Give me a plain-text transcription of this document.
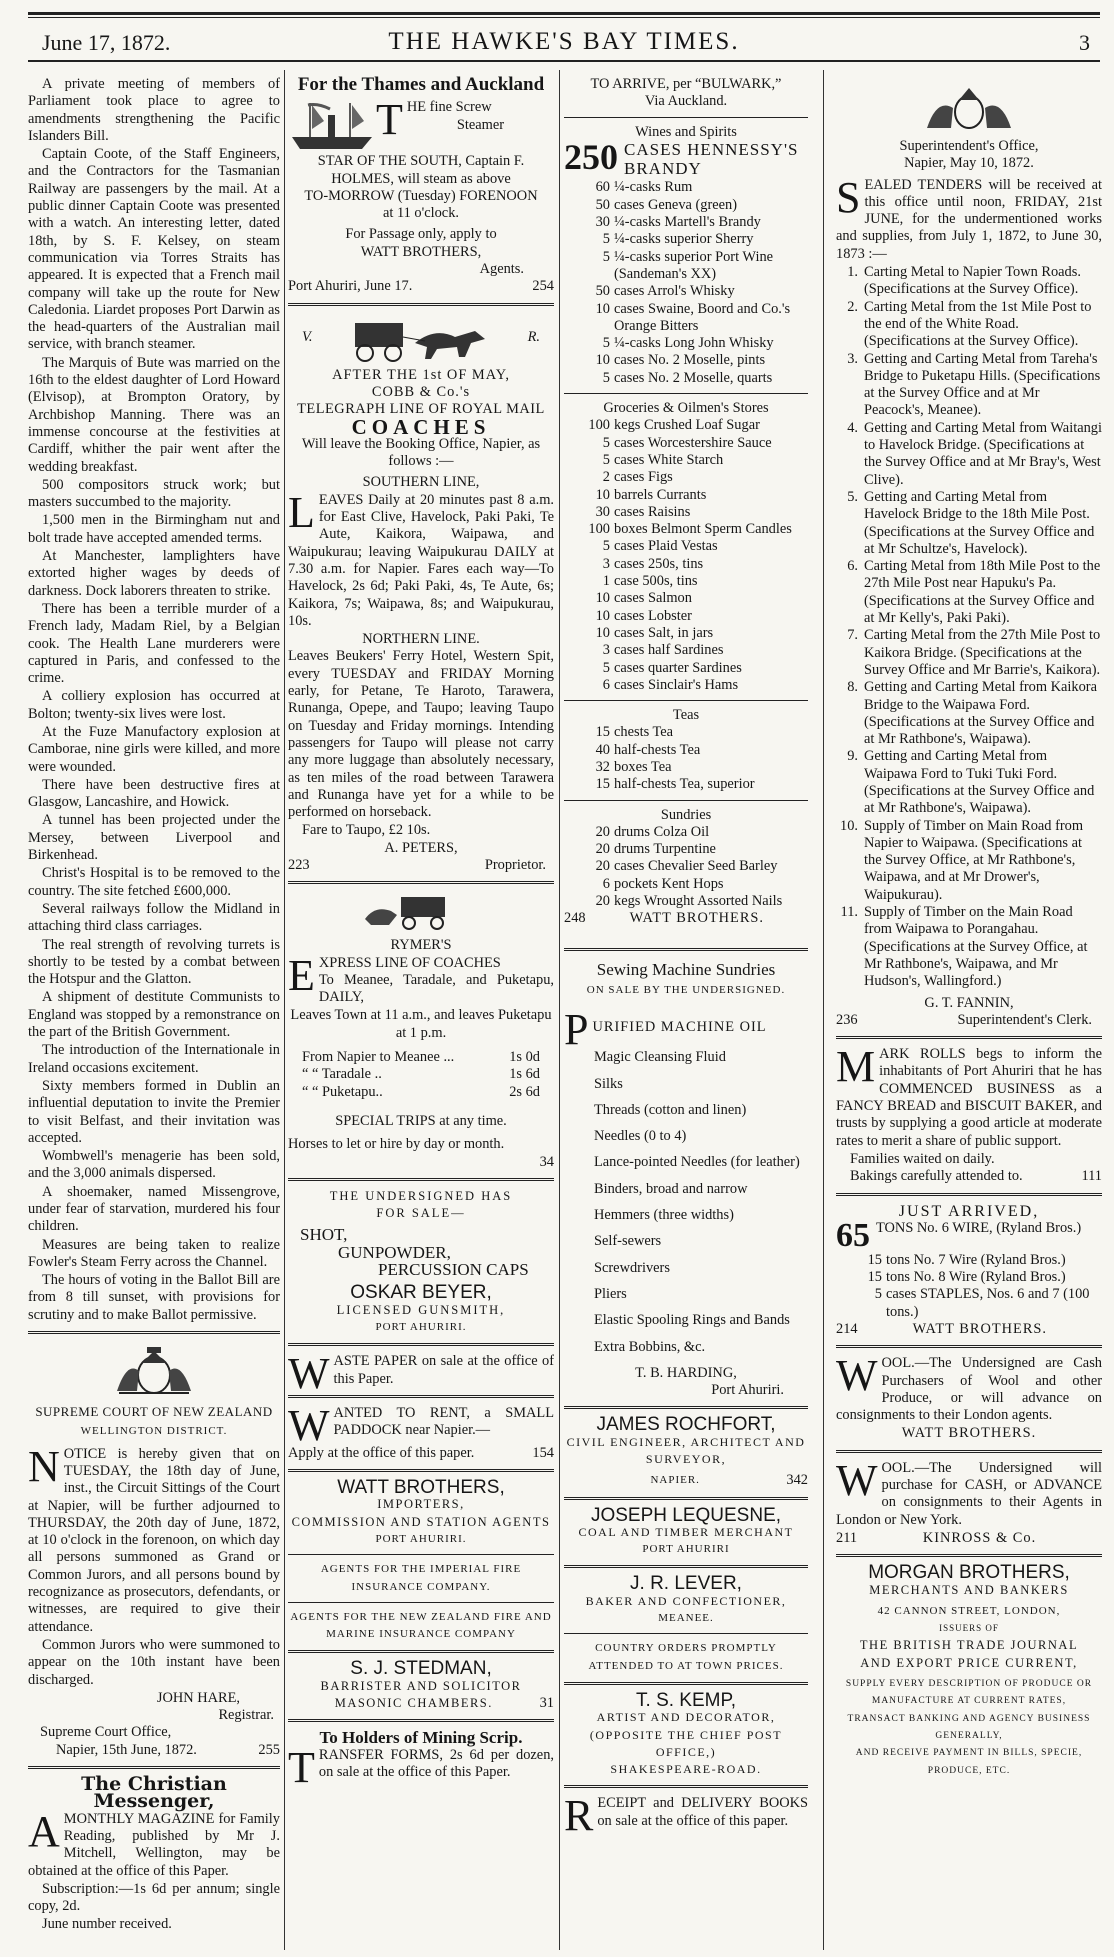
June 17, 1872.	THE HAWKE'S BAY TIMES.	3

A private meeting of members of Parliament took place to agree to amendments strengthening the Pacific Islanders Bill.

Captain Coote, of the Staff Engineers, and the Contractors for the Tasmanian Railway are passengers by the mail. At a public dinner Captain Coote was presented with a watch. An interesting letter, dated 18th, by S. F. Kelsey, on steam communication via Torres Straits has appeared. It is expected that a French mail company will take up the route for New Caledonia. Liardet proposes Port Darwin as the head-quarters of the Australian mail service, with branch steamer.

The Marquis of Bute was married on the 16th to the eldest daughter of Lord Howard (Elvisop), at Brompton Oratory, by Archbishop Manning. There was an immense concourse at the festivities at Cardiff, whither the pair went after the wedding breakfast.

500 compositors struck work; but masters succumbed to the majority.

1,500 men in the Birmingham nut and bolt trade have accepted amended terms.

At Manchester, lamplighters have extorted higher wages by deeds of darkness. Dock laborers threaten to strike.

There has been a terrible murder of a French lady, Madam Riel, by a Belgian cook. The Health Lane murderers were captured in Paris, and confessed to the crime.

A colliery explosion has occurred at Bolton; twenty-six lives were lost.

At the Fuze Manufactory explosion at Camborae, nine girls were killed, and more were wounded.

There have been destructive fires at Glasgow, Lancashire, and Howick.

A tunnel has been projected under the Mersey, between Liverpool and Birkenhead.

Christ's Hospital is to be removed to the country. The site fetched £600,000.

Several railways follow the Midland in attaching third class carriages.

The real strength of revolving turrets is shortly to be tested by a combat between the Hotspur and the Glatton.

A shipment of destitute Communists to England was stopped by a remonstrance on the part of the British Government.

The introduction of the Internationale in Ireland occasions excitement.

Sixty members formed in Dublin an influential deputation to invite the Premier to visit Belfast, and their invitation was accepted.

Wombwell's menagerie has been sold, and the 3,000 animals dispersed.

A shoemaker, named Missengrove, under fear of starvation, murdered his four children.

Measures are being taken to realize Fowler's Steam Ferry across the Channel.

The hours of voting in the Ballot Bill are from 8 till sunset, with provisions for scrutiny and to make Ballot permissive.

SUPREME COURT OF NEW ZEALAND
WELLINGTON DISTRICT.

NOTICE is hereby given that on TUESDAY, the 18th day of June, inst., the Circuit Sittings of the Court at Napier, will be further adjourned to THURSDAY, the 20th day of June, 1872, at 10 o'clock in the forenoon, on which day all persons summoned as Grand or Common Jurors, and all persons bound by recognizance as prosecutors, defendants, or witnesses, are required to give their attendance.

Common Jurors who were summoned to appear on the 10th instant have been discharged.

JOHN HARE,
Registrar.
Supreme Court Office,
Napier, 15th June, 1872.	255
The Christian Messenger,

AMONTHLY MAGAZINE for Family Reading, published by Mr J. Mitchell, Wellington, may be obtained at the office of this Paper.

Subscription:—1s 6d per annum; single copy, 2d.

June number received.

For the Thames and Auckland
T HE fine Screw
Steamer
STAR OF THE SOUTH, Captain F.
HOLMES, will steam as above
TO-MORROW (Tuesday) FORENOON
at 11 o'clock.
For Passage only, apply to
WATT BROTHERS,
Agents.
Port Ahuriri, June 17.	254
V.	R.
AFTER THE 1st OF MAY,
COBB & Co.'s
TELEGRAPH LINE OF ROYAL MAIL
COACHES
Will leave the Booking Office, Napier, as follows :—
SOUTHERN LINE,

LEAVES Daily at 20 minutes past 8 a.m. for East Clive, Havelock, Paki Paki, Te Aute, Kaikora, Waipawa, and Waipukurau; leaving Waipukurau DAILY at 7.30 a.m. for Napier. Fares each way—To Havelock, 2s 6d; Paki Paki, 4s, Te Aute, 6s; Kaikora, 7s; Waipawa, 8s; and Waipukurau, 10s.

NORTHERN LINE.

Leaves Beukers' Ferry Hotel, Western Spit, every TUESDAY and FRIDAY Morning early, for Petane, Te Haroto, Tarawera, Runanga, Opepe, and Taupo; leaving Taupo on Tuesday and Friday mornings. Intending passengers for Taupo will please not carry any more luggage than absolutely necessary, as ten miles of the road between Tarawera and Runanga have yet for a while to be performed on horseback.

Fare to Taupo, £2 10s.
A. PETERS,
223	Proprietor.
RYMER'S

EXPRESS LINE OF COACHES
To Meanee, Taradale, and Puketapu, DAILY,

Leaves Town at 11 a.m., and leaves Puketapu at 1 p.m.

From Napier to Meanee ...	1s 0d
“ “ Taradale ..	1s 6d
“ “ Puketapu..	2s 6d
SPECIAL TRIPS at any time.
Horses to let or hire by day or month.
34
THE UNDERSIGNED HAS
FOR SALE—
SHOT,
GUNPOWDER,
PERCUSSION CAPS
OSKAR BEYER,
LICENSED GUNSMITH,
PORT AHURIRI.

WASTE PAPER on sale at the office of this Paper.

WANTED TO RENT, a SMALL PADDOCK near Napier.—

Apply at the office of this paper.	154
WATT BROTHERS,
IMPORTERS,
COMMISSION AND STATION AGENTS
PORT AHURIRI.
AGENTS FOR THE IMPERIAL FIRE INSURANCE COMPANY.
AGENTS FOR THE NEW ZEALAND FIRE AND MARINE INSURANCE COMPANY
S. J. STEDMAN,
BARRISTER AND SOLICITOR
MASONIC CHAMBERS.	31
To Holders of Mining Scrip.

TRANSFER FORMS, 2s 6d per dozen, on sale at the office of this Paper.

TO ARRIVE, per “BULWARK,”
Via Auckland.
Wines and Spirits
250 CASES HENNESSY'S BRANDY
60 ¼-casks Rum
50 cases Geneva (green)
30 ¼-casks Martell's Brandy
5 ¼-casks superior Sherry
5 ¼-casks superior Port Wine (Sandeman's XX)
50 cases Arrol's Whisky
10 cases Swaine, Boord and Co.'s Orange Bitters
5 ¼-casks Long John Whisky
10 cases No. 2 Moselle, pints
5 cases No. 2 Moselle, quarts
Groceries & Oilmen's Stores
100 kegs Crushed Loaf Sugar
5 cases Worcestershire Sauce
5 cases White Starch
2 cases Figs
10 barrels Currants
30 cases Raisins
100 boxes Belmont Sperm Candles
5 cases Plaid Vestas
3 cases 250s, tins
1 case 500s, tins
10 cases Salmon
10 cases Lobster
10 cases Salt, in jars
3 cases half Sardines
5 cases quarter Sardines
6 cases Sinclair's Hams
Teas
15 chests Tea
40 half-chests Tea
32 boxes Tea
15 half-chests Tea, superior
Sundries
20 drums Colza Oil
20 drums Turpentine
20 cases Chevalier Seed Barley
6 pockets Kent Hops
20 kegs Wrought Assorted Nails
248	WATT BROTHERS.
Sewing Machine Sundries
ON SALE BY THE UNDERSIGNED.
PURIFIED MACHINE OIL
Magic Cleansing Fluid
Silks
Threads (cotton and linen)
Needles (0 to 4)
Lance-pointed Needles (for leather)
Binders, broad and narrow
Hemmers (three widths)
Self-sewers
Screwdrivers
Pliers
Elastic Spooling Rings and Bands
Extra Bobbins, &c.
T. B. HARDING,
Port Ahuriri.
JAMES ROCHFORT,
CIVIL ENGINEER, ARCHITECT AND SURVEYOR,
NAPIER.	342
JOSEPH LEQUESNE,
COAL AND TIMBER MERCHANT
PORT AHURIRI
J. R. LEVER,
BAKER AND CONFECTIONER,
MEANEE.
COUNTRY ORDERS PROMPTLY ATTENDED TO AT TOWN PRICES.
T. S. KEMP,
ARTIST AND DECORATOR,
(OPPOSITE THE CHIEF POST OFFICE,)
SHAKESPEARE-ROAD.

RECEIPT and DELIVERY BOOKS on sale at the office of this paper.

Superintendent's Office,
Napier, May 10, 1872.

SEALED TENDERS will be received at this office until noon, FRIDAY, 21st JUNE, for the undermentioned works and supplies, from July 1, 1872, to June 30, 1873 :—

1. Carting Metal to Napier Town Roads. (Specifications at the Survey Office).
2. Carting Metal from the 1st Mile Post to the end of the White Road. (Specifications at the Survey Office).
3. Getting and Carting Metal from Tareha's Bridge to Puketapu Hills. (Specifications at the Survey Office and at Mr Peacock's, Meanee).
4. Getting and Carting Metal from Waitangi to Havelock Bridge. (Specifications at the Survey Office and at Mr Bray's, West Clive).
5. Getting and Carting Metal from Havelock Bridge to the 18th Mile Post. (Specifications at the Survey Office and at Mr Schultze's, Havelock).
6. Carting Metal from 18th Mile Post to the 27th Mile Post near Hapuku's Pa. (Specifications at the Survey Office and at Mr Kelly's, Paki Paki).
7. Carting Metal from the 27th Mile Post to Kaikora Bridge. (Specifications at the Survey Office and Mr Barrie's, Kaikora).
8. Getting and Carting Metal from Kaikora Bridge to the Waipawa Ford. (Specifications at the Survey Office and at Mr Rathbone's, Waipawa).
9. Getting and Carting Metal from Waipawa Ford to Tuki Tuki Ford. (Specifications at the Survey Office and at Mr Rathbone's, Waipawa).
10. Supply of Timber on Main Road from Napier to Waipawa. (Specifications at the Survey Office, at Mr Rathbone's, Waipawa, and at Mr Drower's, Waipukurau).
11. Supply of Timber on the Main Road from Waipawa to Porangahau. (Specifications at the Survey Office, at Mr Rathbone's, Waipawa, and Mr Hudson's, Wallingford.)
G. T. FANNIN,
236	Superintendent's Clerk.

MARK ROLLS begs to inform the inhabitants of Port Ahuriri that he has COMMENCED BUSINESS as a FANCY BREAD and BISCUIT BAKER, and trusts by supplying a good article at moderate rates to merit a share of public support.

Families waited on daily.
Bakings carefully attended to.	111
JUST ARRIVED,
65 TONS No. 6 WIRE, (Ryland Bros.)
15 tons No. 7 Wire (Ryland Bros.)
15 tons No. 8 Wire (Ryland Bros.)
5 cases STAPLES, Nos. 6 and 7 (100 tons.)
214	WATT BROTHERS.

WOOL.—The Undersigned are Cash Purchasers of Wool and other Produce, or will advance on consignments to their London agents.

WATT BROTHERS.

WOOL.—The Undersigned will purchase for CASH, or ADVANCE on consignments to their Agents in London or New York.

211	KINROSS & Co.
MORGAN BROTHERS,
MERCHANTS AND BANKERS
42 CANNON STREET, LONDON,
ISSUERS OF
THE BRITISH TRADE JOURNAL
AND EXPORT PRICE CURRENT,
SUPPLY EVERY DESCRIPTION OF PRODUCE OR MANUFACTURE AT CURRENT RATES,
TRANSACT BANKING AND AGENCY BUSINESS GENERALLY,
AND RECEIVE PAYMENT IN BILLS, SPECIE, PRODUCE, ETC.
